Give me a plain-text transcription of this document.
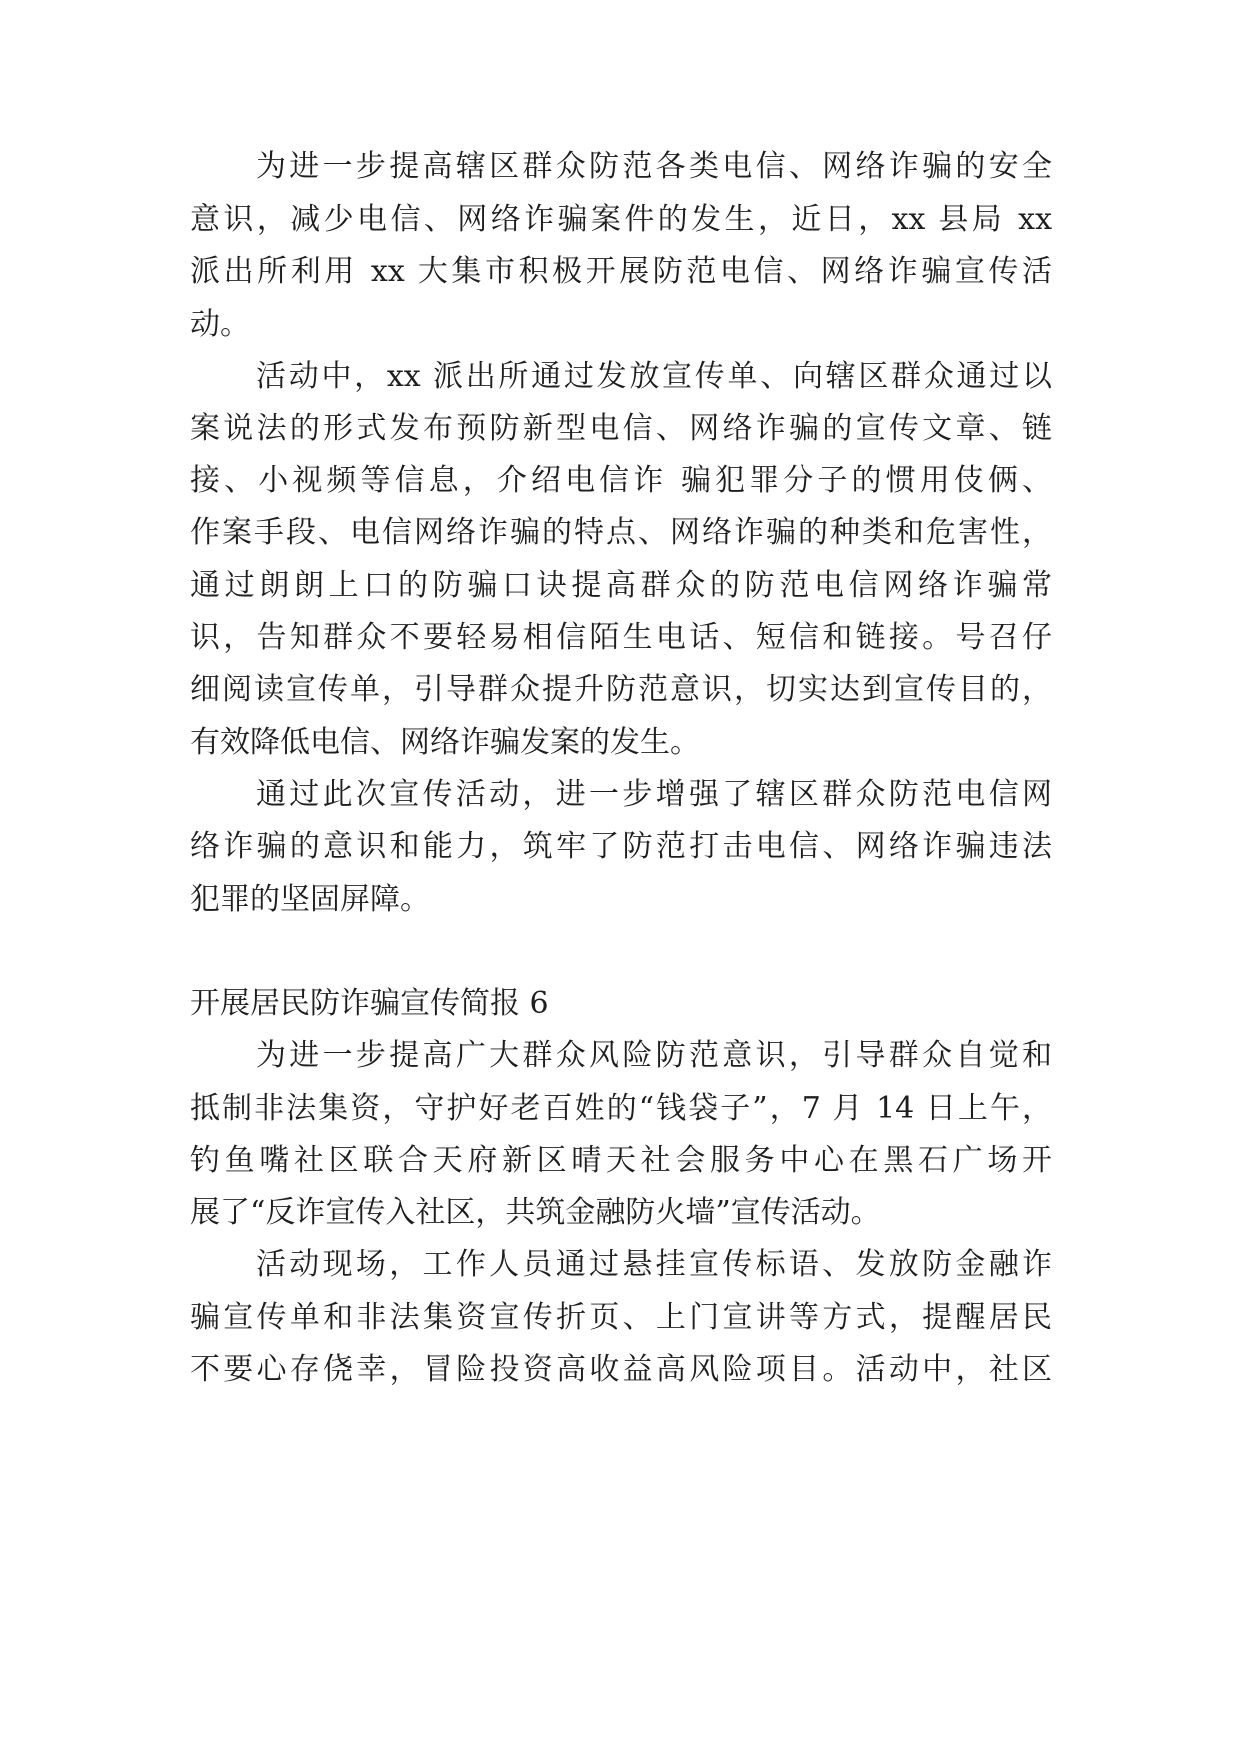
为进一步提高辖区群众防范各类电信、网络诈骗的安全
意识，减少电信、网络诈骗案件的发生，近日，xx 县局 xx
派出所利用 xx 大集市积极开展防范电信、网络诈骗宣传活
动。
活动中，xx 派出所通过发放宣传单、向辖区群众通过以
案说法的形式发布预防新型电信、网络诈骗的宣传文章、链
接、小视频等信息，介绍电信诈 骗犯罪分子的惯用伎俩、
作案手段、电信网络诈骗的特点、网络诈骗的种类和危害性，
通过朗朗上口的防骗口诀提高群众的防范电信网络诈骗常
识，告知群众不要轻易相信陌生电话、短信和链接。号召仔
细阅读宣传单，引导群众提升防范意识，切实达到宣传目的，
有效降低电信、网络诈骗发案的发生。
通过此次宣传活动，进一步增强了辖区群众防范电信网
络诈骗的意识和能力，筑牢了防范打击电信、网络诈骗违法
犯罪的坚固屏障。
开展居民防诈骗宣传简报 6
为进一步提高广大群众风险防范意识，引导群众自觉和
抵制非法集资，守护好老百姓的“钱袋子”，7 月 14 日上午，
钓鱼嘴社区联合天府新区晴天社会服务中心在黑石广场开
展了“反诈宣传入社区，共筑金融防火墙”宣传活动。
活动现场，工作人员通过悬挂宣传标语、发放防金融诈
骗宣传单和非法集资宣传折页、上门宣讲等方式，提醒居民
不要心存侥幸，冒险投资高收益高风险项目。活动中，社区
